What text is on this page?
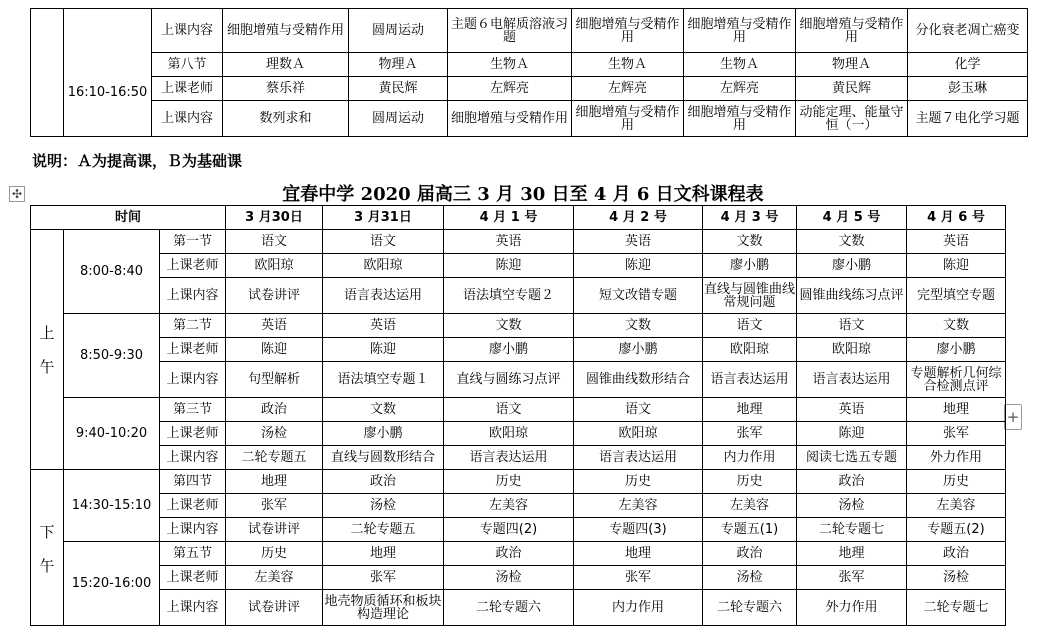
✣
+
	16:10-16:50	上课内容	细胞增殖与受精作用	圆周运动	主题６电解质溶液习题	细胞增殖与受精作用	细胞增殖与受精作用	细胞增殖与受精作用	分化衰老凋亡癌变
		第八节	理数Ａ	物理Ａ	生物Ａ	生物Ａ	生物Ａ	物理Ａ	化学
		上课老师	蔡乐祥	黄民辉	左辉亮	左辉亮	左辉亮	黄民辉	彭玉琳
		上课内容	数列求和	圆周运动	细胞增殖与受精作用	细胞增殖与受精作用	细胞增殖与受精作用	动能定理、能量守恒（一）	主题７电化学习题
说明：Ａ为提高课，Ｂ为基础课
宜春中学 2020 届高三 3 月 30 日至 4 月 6 日文科课程表
时间			3 月30日	3 月31日	4 月 1 号	4 月 2 号	4 月 3 号	4 月 5 号	4 月 6 号

上
午	8:00-8:40	第一节	语文	语文	英语	英语	文数	文数	英语
		上课老师	欧阳琼	欧阳琼	陈迎	陈迎	廖小鹏	廖小鹏	陈迎
		上课内容	试卷讲评	语言表达运用	语法填空专题２	短文改错专题	直线与圆锥曲线常规问题	圆锥曲线练习点评	完型填空专题
	8:50-9:30	第二节	英语	英语	文数	文数	语文	语文	文数
		上课老师	陈迎	陈迎	廖小鹏	廖小鹏	欧阳琼	欧阳琼	廖小鹏
		上课内容	句型解析	语法填空专题１	直线与圆练习点评	圆锥曲线数形结合	语言表达运用	语言表达运用	专题解析几何综合检测点评
	9:40-10:20	第三节	政治	文数	语文	语文	地理	英语	地理
		上课老师	汤检	廖小鹏	欧阳琼	欧阳琼	张军	陈迎	张军
		上课内容	二轮专题五	直线与圆数形结合	语言表达运用	语言表达运用	内力作用	阅读七选五专题	外力作用

下
午	14:30-15:10	第四节	地理	政治	历史	历史	历史	政治	历史
		上课老师	张军	汤检	左美容	左美容	左美容	汤检	左美容
		上课内容	试卷讲评	二轮专题五	专题四(2)	专题四(3)	专题五(1)	二轮专题七	专题五(2)
	15:20-16:00	第五节	历史	地理	政治	地理	政治	地理	政治
		上课老师	左美容	张军	汤检	张军	汤检	张军	汤检
		上课内容	试卷讲评	地壳物质循环和板块构造理论	二轮专题六	内力作用	二轮专题六	外力作用	二轮专题七
